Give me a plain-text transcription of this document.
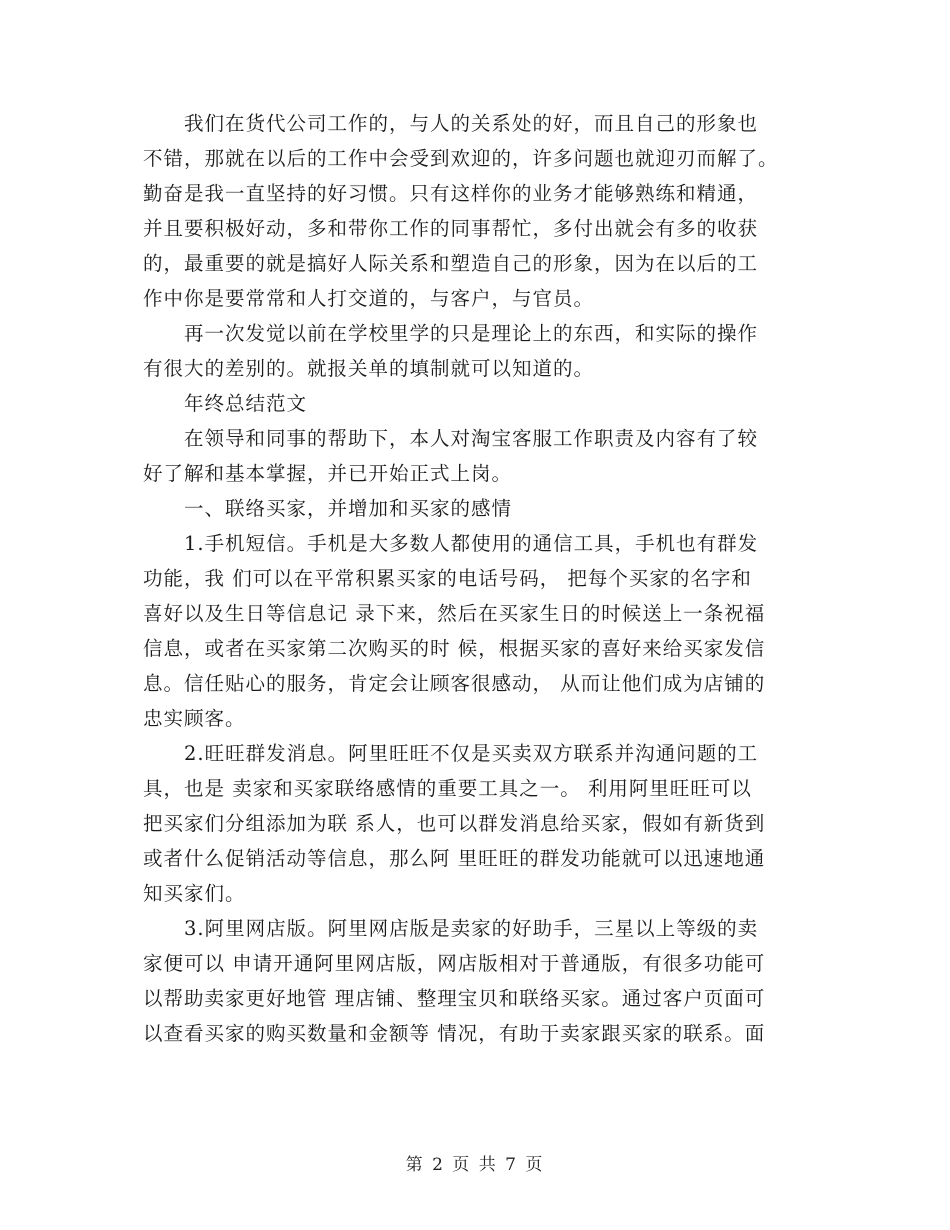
　　我们在货代公司工作的，与人的关系处的好，而且自己的形象也
不错，那就在以后的工作中会受到欢迎的，许多问题也就迎刃而解了。
勤奋是我一直坚持的好习惯。只有这样你的业务才能够熟练和精通，
并且要积极好动，多和带你工作的同事帮忙，多付出就会有多的收获
的，最重要的就是搞好人际关系和塑造自己的形象，因为在以后的工
作中你是要常常和人打交道的，与客户，与官员。
　　再一次发觉以前在学校里学的只是理论上的东西，和实际的操作
有很大的差别的。就报关单的填制就可以知道的。
　　年终总结范文
　　在领导和同事的帮助下，本人对淘宝客服工作职责及内容有了较
好了解和基本掌握，并已开始正式上岗。
　　一、联络买家，并增加和买家的感情
　　1.手机短信。手机是大多数人都使用的通信工具，手机也有群发
功能，我 们可以在平常积累买家的电话号码， 把每个买家的名字和
喜好以及生日等信息记 录下来，然后在买家生日的时候送上一条祝福
信息，或者在买家第二次购买的时 候，根据买家的喜好来给买家发信
息。信任贴心的服务，肯定会让顾客很感动， 从而让他们成为店铺的
忠实顾客。
　　2.旺旺群发消息。阿里旺旺不仅是买卖双方联系并沟通问题的工
具，也是 卖家和买家联络感情的重要工具之一。 利用阿里旺旺可以
把买家们分组添加为联 系人，也可以群发消息给买家，假如有新货到
或者什么促销活动等信息，那么阿 里旺旺的群发功能就可以迅速地通
知买家们。
　　3.阿里网店版。阿里网店版是卖家的好助手，三星以上等级的卖
家便可以 申请开通阿里网店版，网店版相对于普通版，有很多功能可
以帮助卖家更好地管 理店铺、整理宝贝和联络买家。通过客户页面可
以查看买家的购买数量和金额等 情况，有助于卖家跟买家的联系。面
第 2 页 共 7 页
